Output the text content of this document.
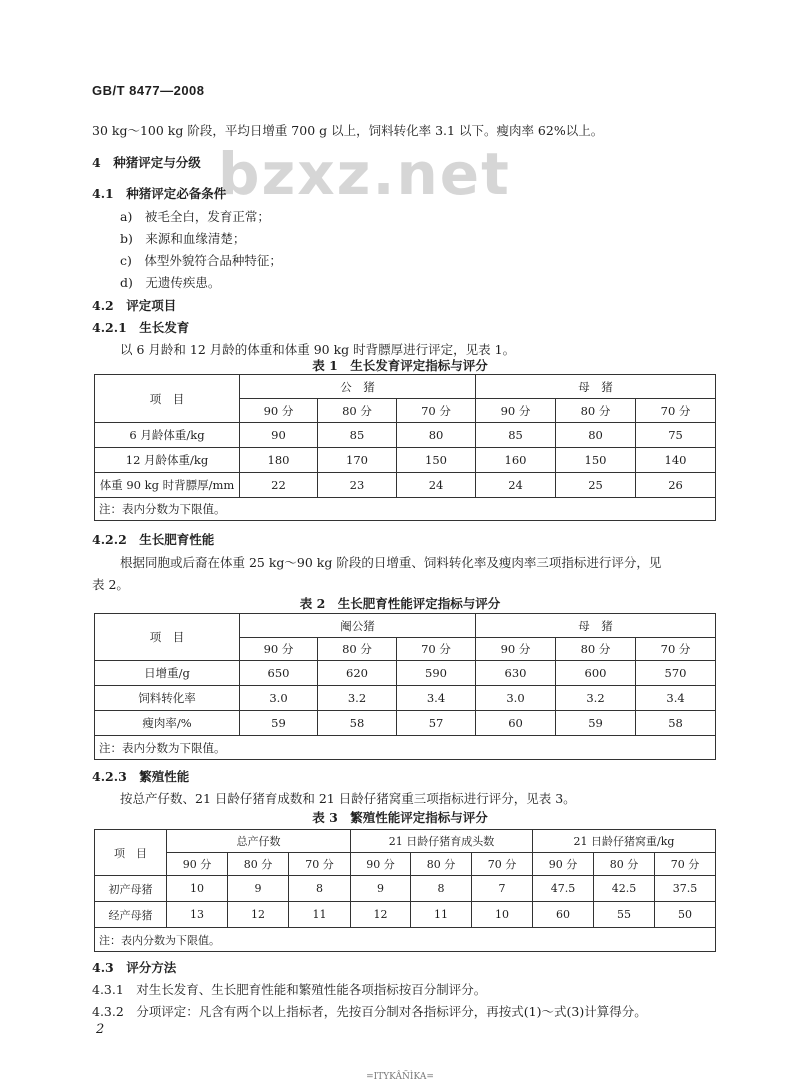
bzxz.net
GB/T 8477—2008
30 kg～100 kg 阶段，平均日增重 700 g 以上，饲料转化率 3.1 以下。瘦肉率 62%以上。
4　种猪评定与分级
4.1　种猪评定必备条件
a)　被毛全白，发育正常；
b)　来源和血缘清楚；
c)　体型外貌符合品种特征；
d)　无遗传疾患。
4.2　评定项目
4.2.1　生长发育
以 6 月龄和 12 月龄的体重和体重 90 kg 时背膘厚进行评定，见表 1。
表 1　生长发育评定指标与评分
项　目	公　猪			母　猪		
	90 分	80 分	70 分	90 分	80 分	70 分
6 月龄体重/kg	90	85	80	85	80	75
12 月龄体重/kg	180	170	150	160	150	140
体重 90 kg 时背膘厚/mm	22	23	24	24	25	26
注：表内分数为下限值。						
4.2.2　生长肥育性能
根据同胞或后裔在体重 25 kg～90 kg 阶段的日增重、饲料转化率及瘦肉率三项指标进行评分，见
表 2。
表 2　生长肥育性能评定指标与评分
项　目	阉公猪			母　猪		
	90 分	80 分	70 分	90 分	80 分	70 分
日增重/g	650	620	590	630	600	570
饲料转化率	3.0	3.2	3.4	3.0	3.2	3.4
瘦肉率/%	59	58	57	60	59	58
注：表内分数为下限值。						
4.2.3　繁殖性能
按总产仔数、21 日龄仔猪育成数和 21 日龄仔猪窝重三项指标进行评分，见表 3。
表 3　繁殖性能评定指标与评分
项　目	总产仔数			21 日龄仔猪育成头数			21 日龄仔猪窝重/kg		
	90 分	80 分	70 分	90 分	80 分	70 分	90 分	80 分	70 分
初产母猪	10	9	8	9	8	7	47.5	42.5	37.5
经产母猪	13	12	11	12	11	10	60	55	50
注：表内分数为下限值。									
4.3　评分方法
4.3.1　对生长发育、生长肥育性能和繁殖性能各项指标按百分制评分。
4.3.2　分项评定：凡含有两个以上指标者，先按百分制对各指标评分，再按式(1)～式(3)计算得分。
2
=ITYKÂÑÌKA=
